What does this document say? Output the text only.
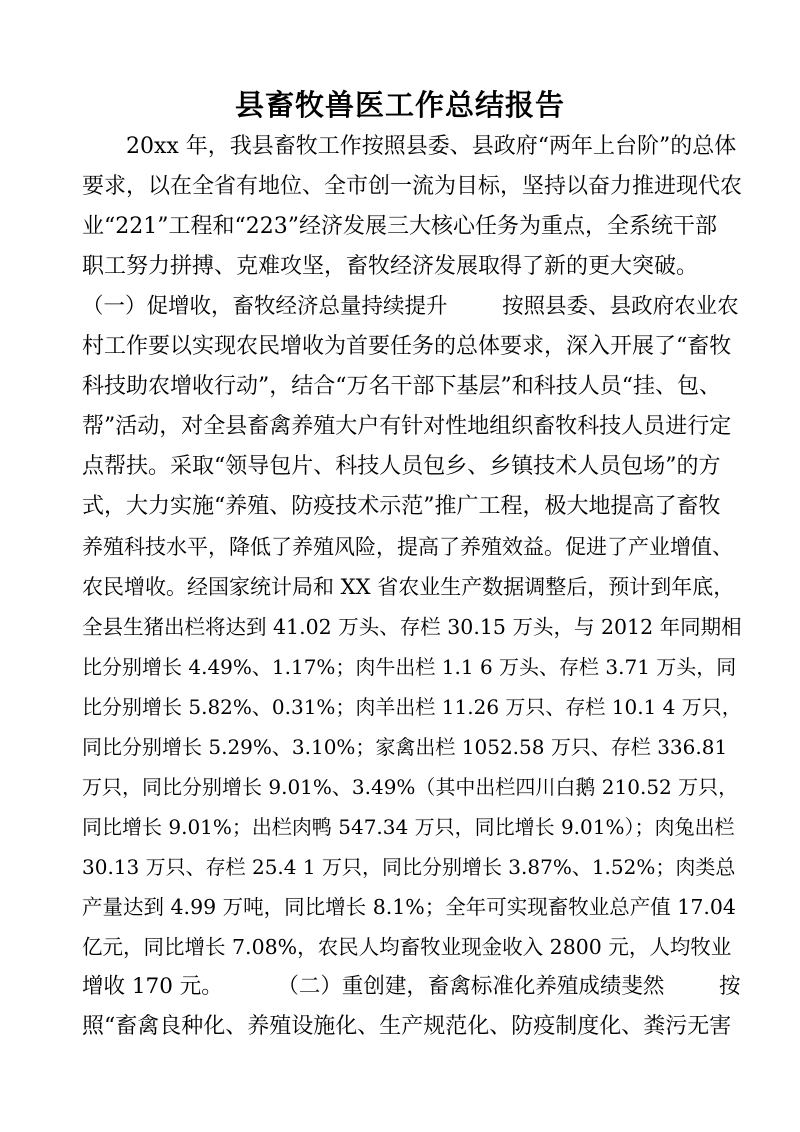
县畜牧兽医工作总结报告
20xx 年，我县畜牧工作按照县委、县政府“两年上台阶”的总体
要求，以在全省有地位、全市创一流为目标，坚持以奋力推进现代农
业“221”工程和“223”经济发展三大核心任务为重点，全系统干部
职工努力拼搏、克难攻坚，畜牧经济发展取得了新的更大突破。
（一）促增收，畜牧经济总量持续提升        按照县委、县政府农业农
村工作要以实现农民增收为首要任务的总体要求，深入开展了“畜牧
科技助农增收行动”，结合“万名干部下基层”和科技人员“挂、包、
帮”活动，对全县畜禽养殖大户有针对性地组织畜牧科技人员进行定
点帮扶。采取“领导包片、科技人员包乡、乡镇技术人员包场”的方
式，大力实施“养殖、防疫技术示范”推广工程，极大地提高了畜牧
养殖科技水平，降低了养殖风险，提高了养殖效益。促进了产业增值、
农民增收。经国家统计局和 XX 省农业生产数据调整后，预计到年底，
全县生猪出栏将达到 41.02 万头、存栏 30.15 万头，与 2012 年同期相
比分别增长 4.49%、1.17%；肉牛出栏 1.1 6 万头、存栏 3.71 万头，同
比分别增长 5.82%、0.31%；肉羊出栏 11.26 万只、存栏 10.1 4 万只，
同比分别增长 5.29%、3.10%；家禽出栏 1052.58 万只、存栏 336.81
万只，同比分别增长 9.01%、3.49%（其中出栏四川白鹅 210.52 万只，
同比增长 9.01%；出栏肉鸭 547.34 万只，同比增长 9.01%）；肉兔出栏
30.13 万只、存栏 25.4 1 万只，同比分别增长 3.87%、1.52%；肉类总
产量达到 4.99 万吨，同比增长 8.1%；全年可实现畜牧业总产值 17.04
亿元，同比增长 7.08%，农民人均畜牧业现金收入 2800 元，人均牧业
增收 170 元。        （二）重创建，畜禽标准化养殖成绩斐然        按
照“畜禽良种化、养殖设施化、生产规范化、防疫制度化、粪污无害
